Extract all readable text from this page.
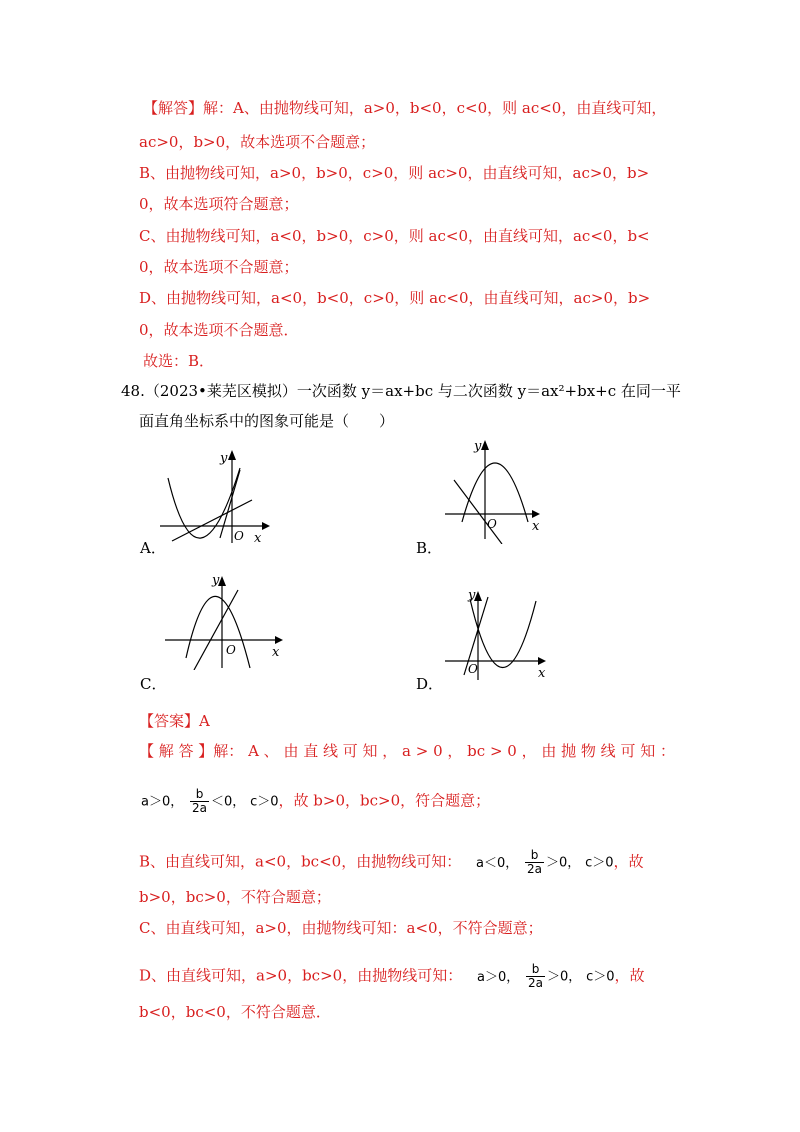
【解答】解：A、由抛物线可知，a>0，b<0，c<0，则 ac<0，由直线可知，
ac>0，b>0，故本选项不合题意；
B、由抛物线可知，a>0，b>0，c>0，则 ac>0，由直线可知，ac>0，b>
0，故本选项符合题意；
C、由抛物线可知，a<0，b>0，c>0，则 ac<0，由直线可知，ac<0，b<
0，故本选项不合题意；
D、由抛物线可知，a<0，b<0，c>0，则 ac<0，由直线可知，ac>0，b>
0，故本选项不合题意．
故选：B．
48.（2023•莱芜区模拟）一次函数 y＝ax+bc 与二次函数 y＝ax²+bx+c 在同一平
面直角坐标系中的图象可能是（　　）
y
x
O
A．
y
x
O
B．
y
x
O
C．
y
x
O
D．
【答案】A
【 解 答 】解： A 、 由 直 线 可 知 ， a > 0 ， bc > 0 ， 由 抛 物 线 可 知 ：
a＞0， $\frac{b}{2a} <0$， c＞0，故 b>0，bc>0，符合题意；
B、由直线可知，a<0，bc<0，由抛物线可知： a＜0， $\frac{b}{2a} >0$， c＞0，故
b>0，bc>0，不符合题意；
C、由直线可知，a>0，由抛物线可知：a<0，不符合题意；
D、由直线可知，a>0，bc>0，由抛物线可知： a＞0， $\frac{b}{2a} >0$， c＞0，故
b<0，bc<0，不符合题意．
